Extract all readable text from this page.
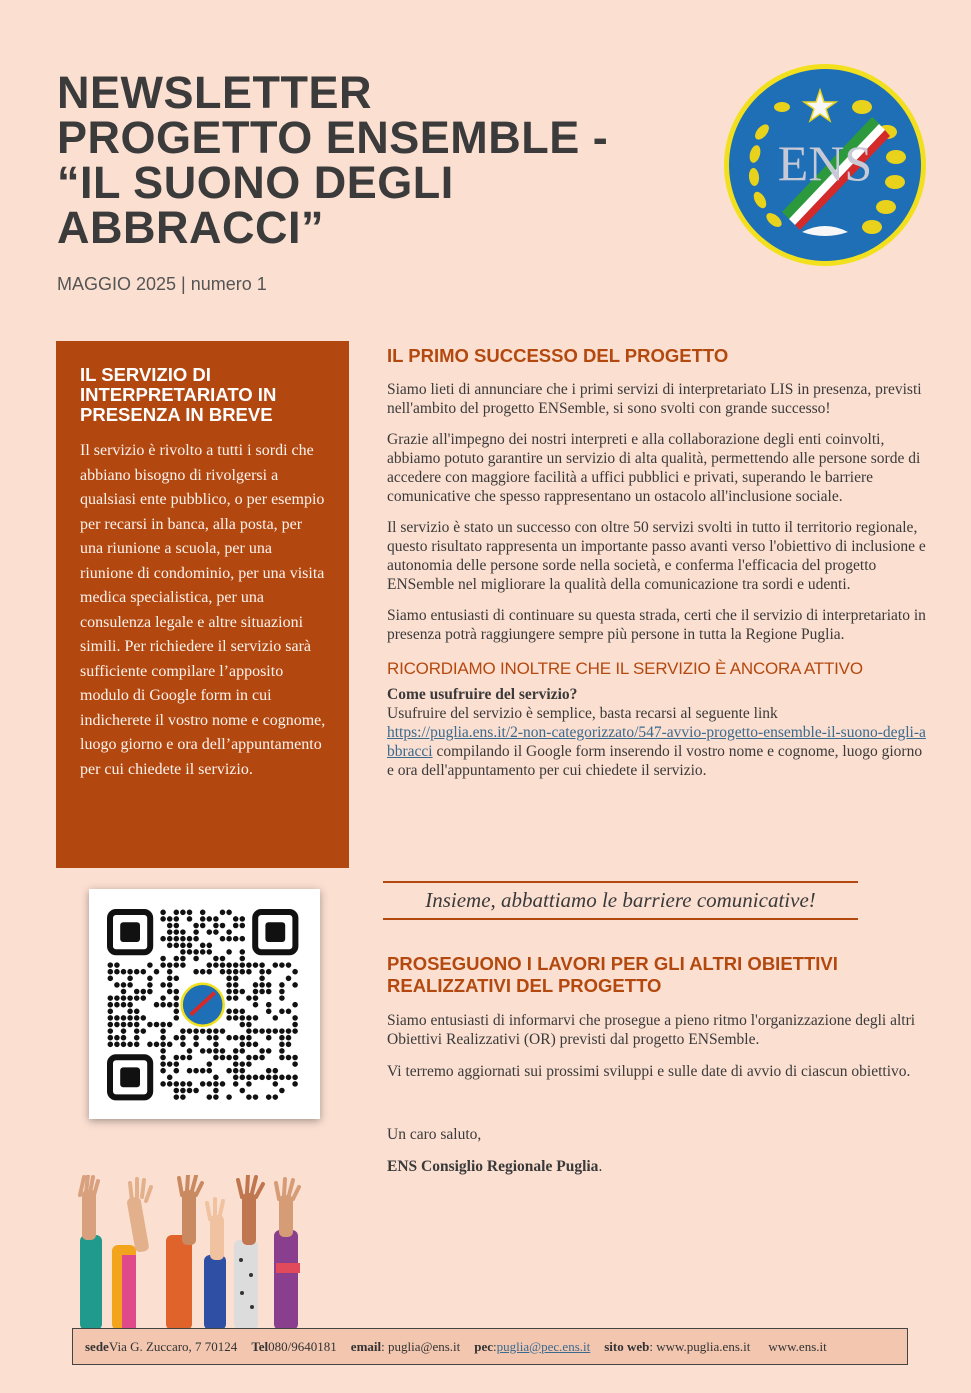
NEWSLETTER
PROGETTO ENSEMBLE -
“IL SUONO DEGLI
ABBRACCI”
MAGGIO 2025 | numero 1
ENS
IL SERVIZIO DI INTERPRETARIATO IN PRESENZA IN BREVE

Il servizio è rivolto a tutti i sordi che abbiano bisogno di rivolgersi a qualsiasi ente pubblico, o per esempio per recarsi in banca, alla posta, per una riunione a scuola, per una riunione di condominio, per una visita medica specialistica, per una consulenza legale e altre situazioni simili. Per richiedere il servizio sarà sufficiente compilare l’apposito modulo di Google form in cui indicherete il vostro nome e cognome, luogo giorno e ora dell’appuntamento per cui chiedete il servizio.

IL PRIMO SUCCESSO DEL PROGETTO

Siamo lieti di annunciare che i primi servizi di interpretariato LIS in presenza, previsti nell'ambito del progetto ENSemble, si sono svolti con grande successo!

Grazie all'impegno dei nostri interpreti e alla collaborazione degli enti coinvolti, abbiamo potuto garantire un servizio di alta qualità, permettendo alle persone sorde di accedere con maggiore facilità a uffici pubblici e privati, superando le barriere comunicative che spesso rappresentano un ostacolo all'inclusione sociale.

Il servizio è stato un successo con oltre 50 servizi svolti in tutto il territorio regionale, questo risultato rappresenta un importante passo avanti verso l'obiettivo di inclusione e autonomia delle persone sorde nella società, e conferma l'efficacia del progetto ENSemble nel migliorare la qualità della comunicazione tra sordi e udenti.

Siamo entusiasti di continuare su questa strada, certi che il servizio di interpretariato in presenza potrà raggiungere sempre più persone in tutta la Regione Puglia.

RICORDIAMO INOLTRE CHE IL SERVIZIO È ANCORA ATTIVO

Come usufruire del servizio?

Usufruire del servizio è semplice, basta recarsi al seguente link
https://puglia.ens.it/2-non-categorizzato/547-avvio-progetto-ensemble-il-suono-degli-abbracci compilando il Google form inserendo il vostro nome e cognome, luogo giorno e ora dell'appuntamento per cui chiedete il servizio.

Insieme, abbattiamo le barriere comunicative!
PROSEGUONO I LAVORI PER GLI ALTRI OBIETTIVI REALIZZATIVI DEL PROGETTO

Siamo entusiasti di informarvi che prosegue a pieno ritmo l'organizzazione degli altri Obiettivi Realizzativi (OR) previsti dal progetto ENSemble.

Vi terremo aggiornati sui prossimi sviluppi e sulle date di avvio di ciascun obiettivo.

Un caro saluto,

ENS Consiglio Regionale Puglia.

sede Via G. Zuccaro, 7 70124 Tel 080/9640181 email : puglia@ens.it pec : puglia@pec.ens.it sito web : www.puglia.ens.it www.ens.it
